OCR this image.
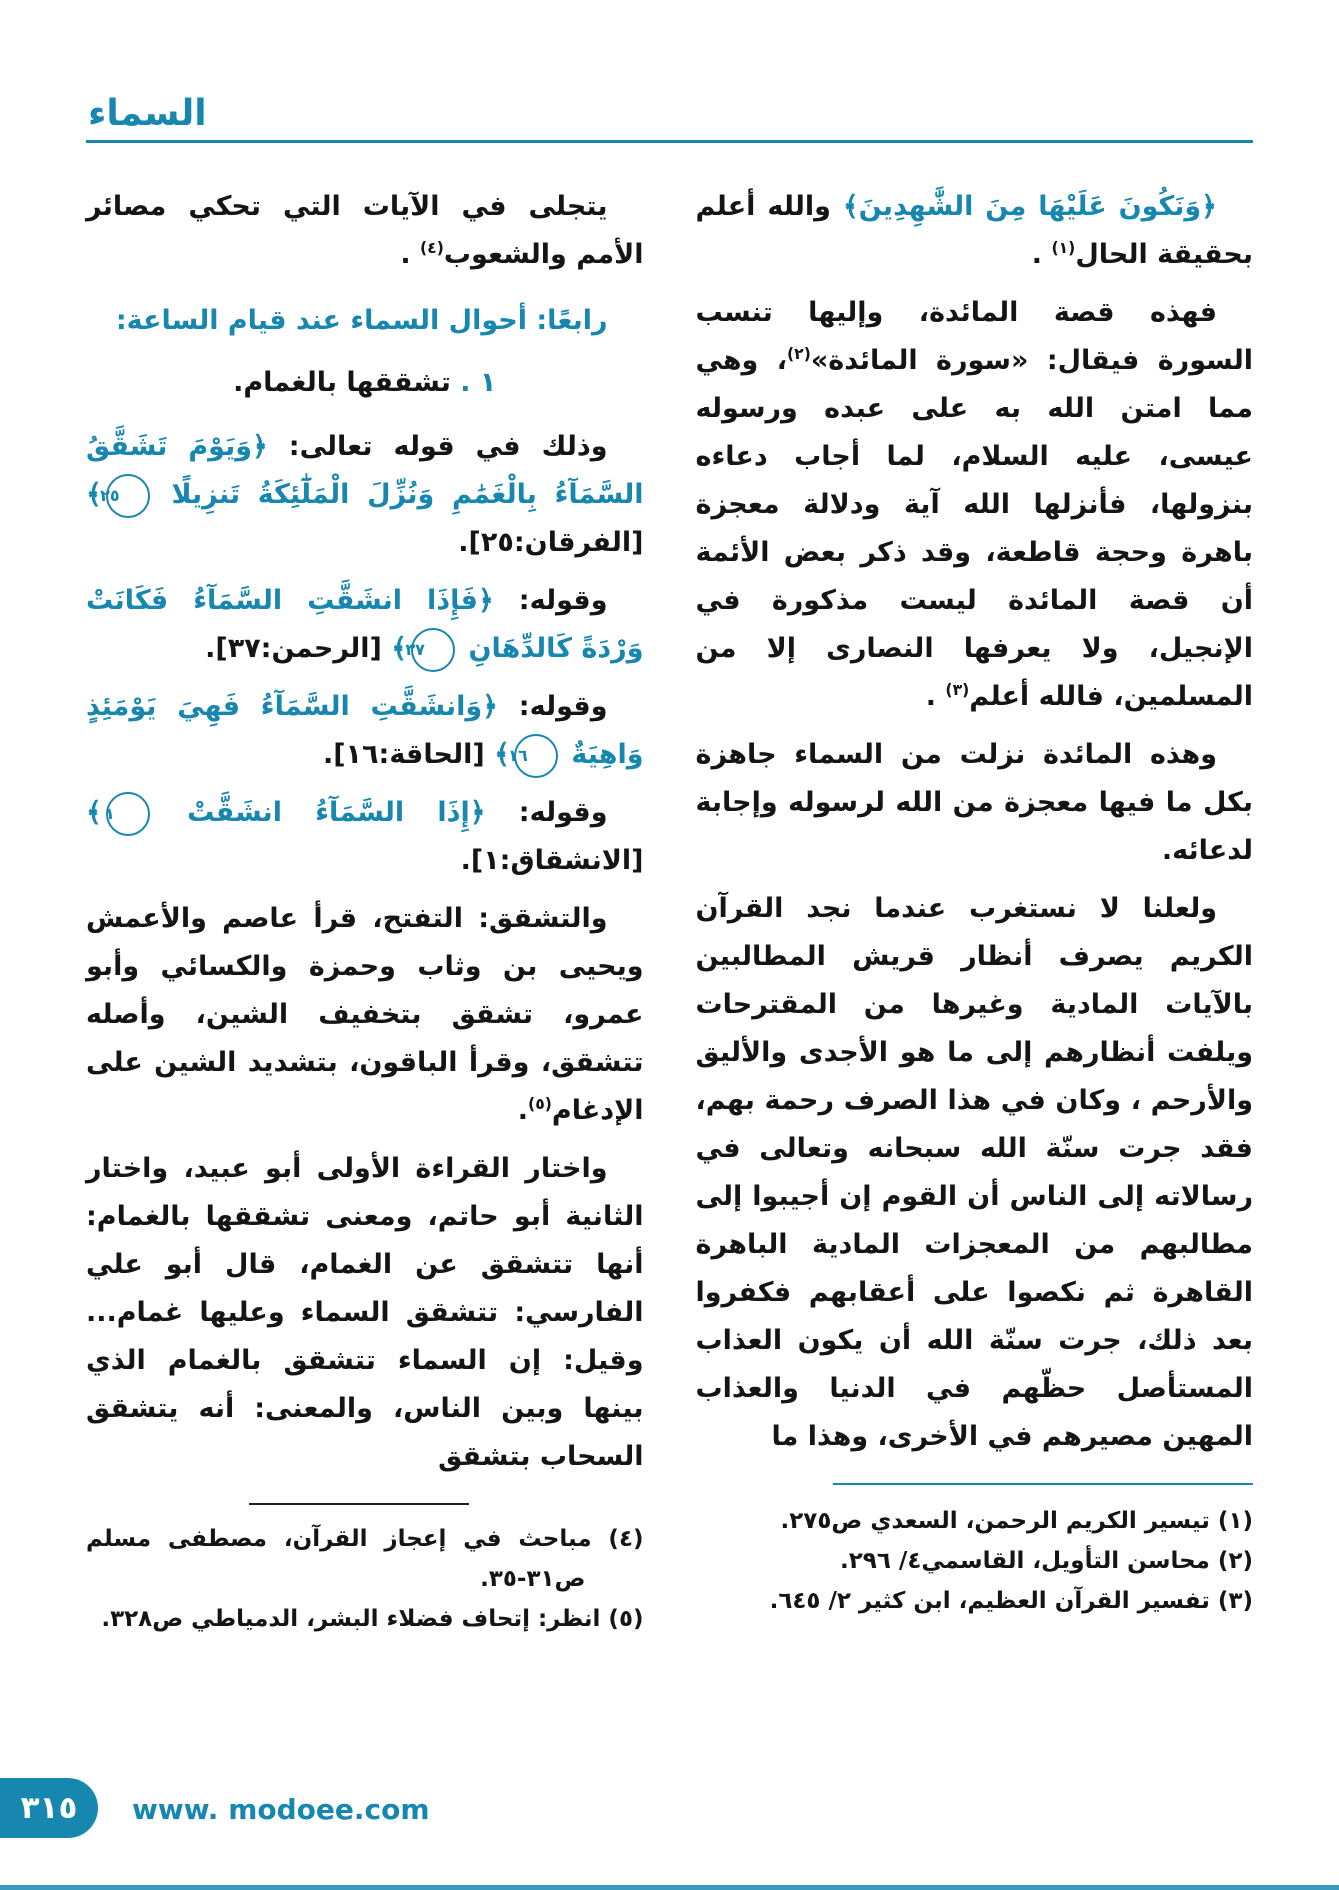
السماء

﴿وَنَكُونَ عَلَيْهَا مِنَ الشَّٰهِدِينَ﴾ والله أعلم بحقيقة الحال$^{(١)}$ .

فهذه قصة المائدة، وإليها تنسب السورة فيقال: «سورة المائدة»$^{(٢)}$، وهي مما امتن الله به على عبده ورسوله عيسى، عليه السلام، لما أجاب دعاءه بنزولها، فأنزلها الله آية ودلالة معجزة باهرة وحجة قاطعة، وقد ذكر بعض الأئمة أن قصة المائدة ليست مذكورة في الإنجيل، ولا يعرفها النصارى إلا من المسلمين، فالله أعلم$^{(٣)}$ .

وهذه المائدة نزلت من السماء جاهزة بكل ما فيها معجزة من الله لرسوله وإجابة لدعائه.

ولعلنا لا نستغرب عندما نجد القرآن الكريم يصرف أنظار قريش المطالبين بالآيات المادية وغيرها من المقترحات ويلفت أنظارهم إلى ما هو الأجدى والأليق والأرحم ، وكان في هذا الصرف رحمة بهم، فقد جرت سنّة الله سبحانه وتعالى في رسالاته إلى الناس أن القوم إن أجيبوا إلى مطالبهم من المعجزات المادية الباهرة القاهرة ثم نكصوا على أعقابهم فكفروا بعد ذلك، جرت سنّة الله أن يكون العذاب المستأصل حظّهم في الدنيا والعذاب المهين مصيرهم في الأخرى، وهذا ما

(١) تيسير الكريم الرحمن، السعدي ص٢٧٥.
(٢) محاسن التأويل، القاسمي٤/ ٢٩٦.
(٣) تفسير القرآن العظيم، ابن كثير ٢/ ٦٤٥.

يتجلى في الآيات التي تحكي مصائر الأمم والشعوب$^{(٤)}$ .

رابعًا: أحوال السماء عند قيام الساعة:

١ . تشققها بالغمام.

وذلك في قوله تعالى: ﴿وَيَوْمَ تَشَقَّقُ السَّمَآءُ بِالْغَمَٰمِ وَنُزِّلَ الْمَلَٰٓئِكَةُ تَنزِيلًا ٢٥﴾ [الفرقان:٢٥].

وقوله: ﴿فَإِذَا انشَقَّتِ السَّمَآءُ فَكَانَتْ وَرْدَةً كَالدِّهَانِ ٣٧﴾ [الرحمن:٣٧].

وقوله: ﴿وَانشَقَّتِ السَّمَآءُ فَهِيَ يَوْمَئِذٍ وَاهِيَةٌ ١٦﴾ [الحاقة:١٦].

وقوله: ﴿إِذَا السَّمَآءُ انشَقَّتْ ١﴾ [الانشقاق:١].

والتشقق: التفتح، قرأ عاصم والأعمش ويحيى بن وثاب وحمزة والكسائي وأبو عمرو، تشقق بتخفيف الشين، وأصله تتشقق، وقرأ الباقون، بتشديد الشين على الإدغام$^{(٥)}$.

واختار القراءة الأولى أبو عبيد، واختار الثانية أبو حاتم، ومعنى تشققها بالغمام: أنها تتشقق عن الغمام، قال أبو علي الفارسي: تتشقق السماء وعليها غمام... وقيل: إن السماء تتشقق بالغمام الذي بينها وبين الناس، والمعنى: أنه يتشقق السحاب بتشقق

(٤) مباحث في إعجاز القرآن، مصطفى مسلم ص٣١-٣٥.
(٥) انظر: إتحاف فضلاء البشر، الدمياطي ص٣٢٨.
٣١٥ www. modoee.com
